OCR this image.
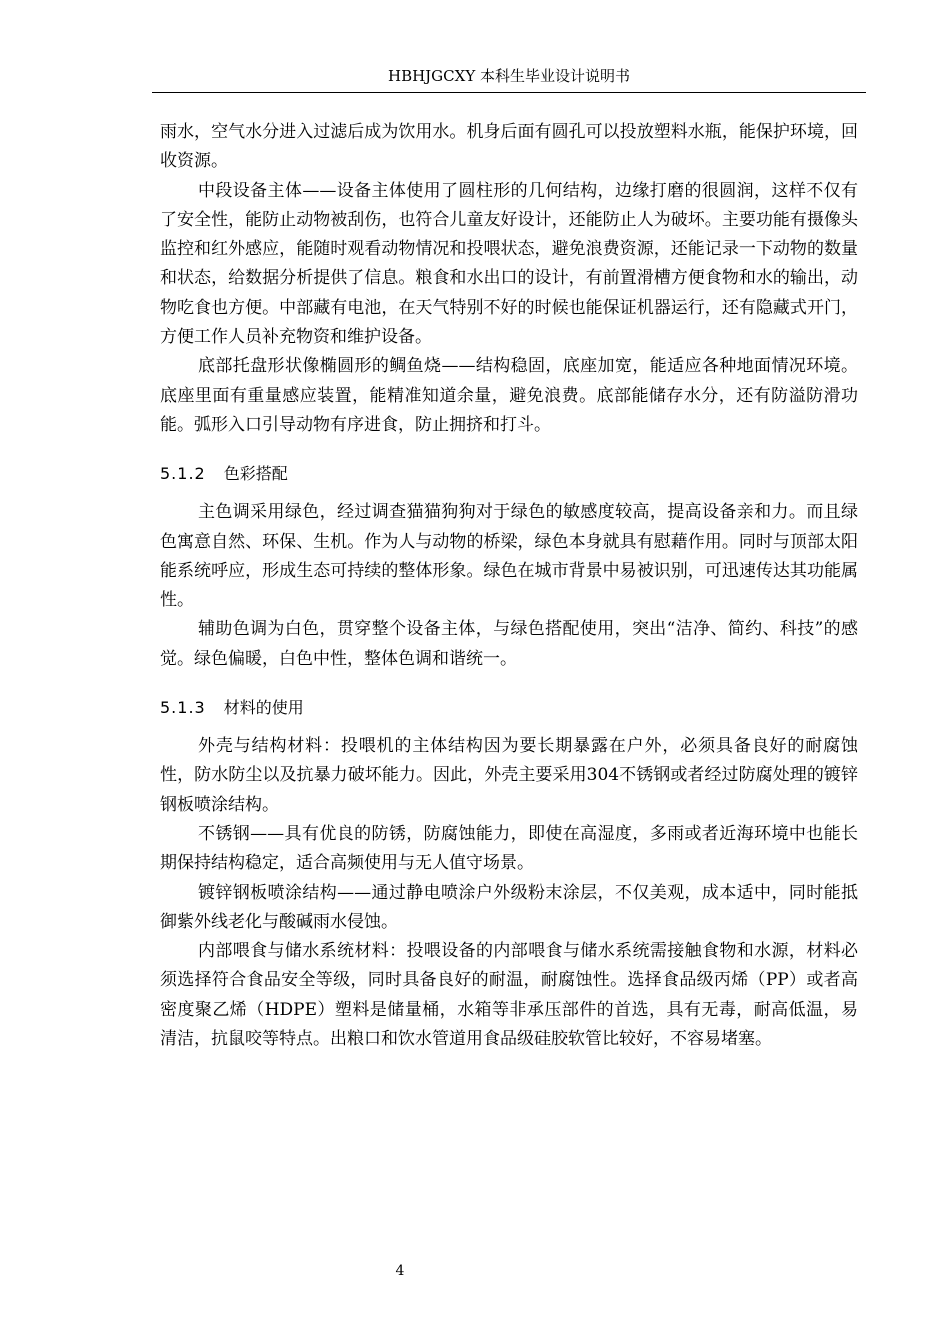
HBHJGCXY 本科生毕业设计说明书

雨水，空气水分进入过滤后成为饮用水。机身后面有圆孔可以投放塑料水瓶，能保护环境，回收资源。

中段设备主体——设备主体使用了圆柱形的几何结构，边缘打磨的很圆润，这样不仅有了安全性，能防止动物被刮伤，也符合儿童友好设计，还能防止人为破坏。主要功能有摄像头监控和红外感应，能随时观看动物情况和投喂状态，避免浪费资源，还能记录一下动物的数量和状态，给数据分析提供了信息。粮食和水出口的设计，有前置滑槽方便食物和水的输出，动物吃食也方便。中部藏有电池，在天气特别不好的时候也能保证机器运行，还有隐藏式开门，方便工作人员补充物资和维护设备。

底部托盘形状像椭圆形的鲷鱼烧——结构稳固，底座加宽，能适应各种地面情况环境。底座里面有重量感应装置，能精准知道余量，避免浪费。底部能储存水分，还有防溢防滑功能。弧形入口引导动物有序进食，防止拥挤和打斗。

5.1.2 色彩搭配

主色调采用绿色，经过调查猫猫狗狗对于绿色的敏感度较高，提高设备亲和力。而且绿色寓意自然、环保、生机。作为人与动物的桥梁，绿色本身就具有慰藉作用。同时与顶部太阳能系统呼应，形成生态可持续的整体形象。绿色在城市背景中易被识别，可迅速传达其功能属性。

辅助色调为白色，贯穿整个设备主体，与绿色搭配使用，突出“洁净、简约、科技”的感觉。绿色偏暖，白色中性，整体色调和谐统一。

5.1.3 材料的使用

外壳与结构材料：投喂机的主体结构因为要长期暴露在户外，必须具备良好的耐腐蚀性，防水防尘以及抗暴力破坏能力。因此，外壳主要采用304不锈钢或者经过防腐处理的镀锌钢板喷涂结构。

不锈钢——具有优良的防锈，防腐蚀能力，即使在高湿度，多雨或者近海环境中也能长期保持结构稳定，适合高频使用与无人值守场景。

镀锌钢板喷涂结构——通过静电喷涂户外级粉末涂层，不仅美观，成本适中，同时能抵御紫外线老化与酸碱雨水侵蚀。

内部喂食与储水系统材料：投喂设备的内部喂食与储水系统需接触食物和水源，材料必须选择符合食品安全等级，同时具备良好的耐温，耐腐蚀性。选择食品级丙烯（PP）或者高密度聚乙烯（HDPE）塑料是储量桶，水箱等非承压部件的首选，具有无毒，耐高低温，易清洁，抗鼠咬等特点。出粮口和饮水管道用食品级硅胶软管比较好，不容易堵塞。

4
